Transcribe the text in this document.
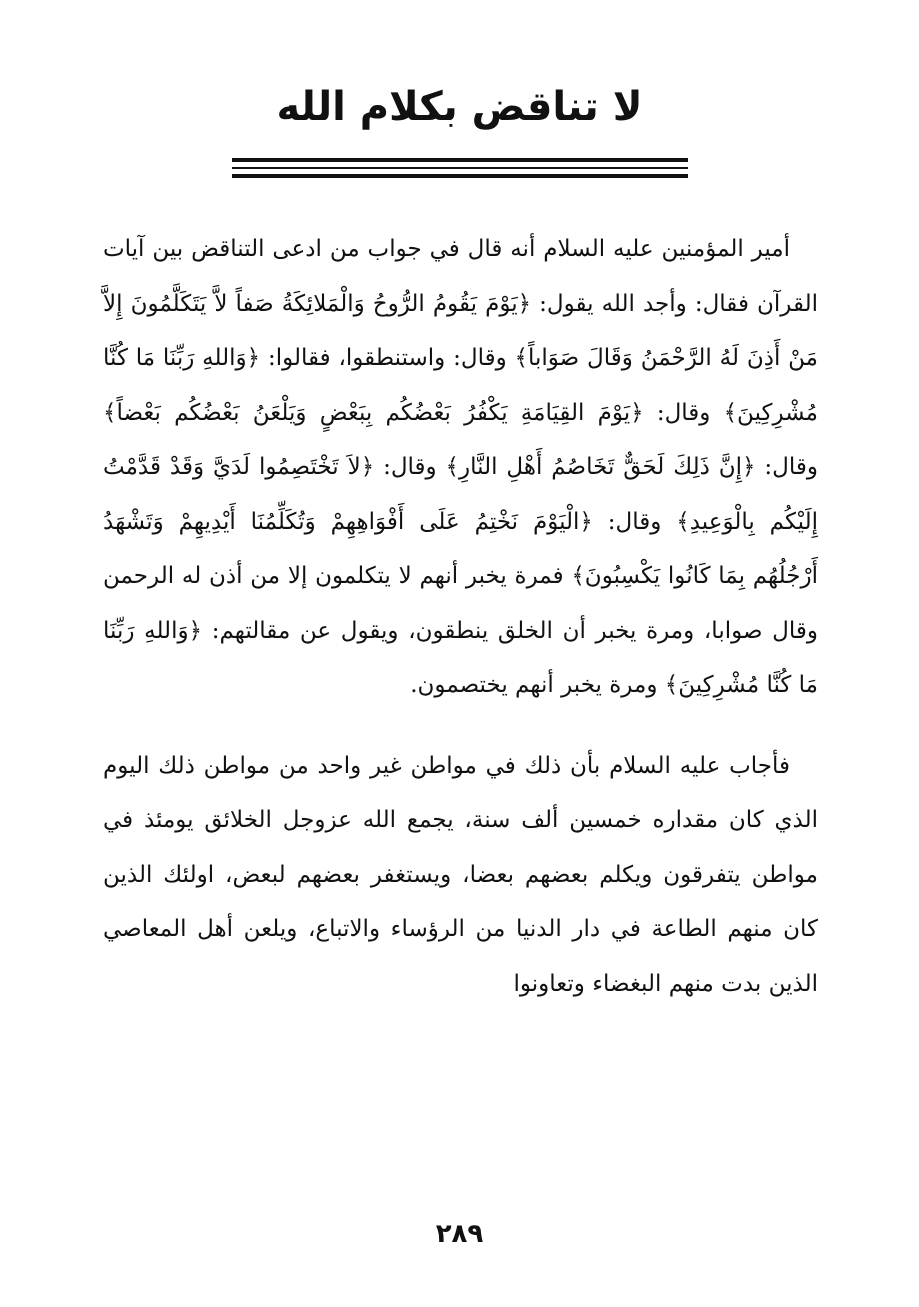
لا تناقض بكلام الله

أمير المؤمنين عليه السلام أنه قال في جواب من ادعى التناقض بين آيات القرآن فقال: وأجد الله يقول: ﴿يَوْمَ يَقُومُ الرُّوحُ وَالْمَلائِكَةُ صَفاً لاَّ يَتَكَلَّمُونَ إِلاَّ مَنْ أَذِنَ لَهُ الرَّحْمَنُ وَقَالَ صَوَاباً﴾ وقال: واستنطقوا، فقالوا: ﴿وَاللهِ رَبِّنَا مَا كُنَّا مُشْرِكِينَ﴾ وقال: ﴿يَوْمَ القِيَامَةِ يَكْفُرُ بَعْضُكُم بِبَعْضٍ وَيَلْعَنُ بَعْضُكُم بَعْضاً﴾ وقال: ﴿إِنَّ ذَلِكَ لَحَقٌّ تَخَاصُمُ أَهْلِ النَّارِ﴾ وقال: ﴿لاَ تَخْتَصِمُوا لَدَيَّ وَقَدْ قَدَّمْتُ إِلَيْكُم بِالْوَعِيدِ﴾ وقال: ﴿الْيَوْمَ نَخْتِمُ عَلَى أَفْوَاهِهِمْ وَتُكَلِّمُنَا أَيْدِيهِمْ وَتَشْهَدُ أَرْجُلُهُم بِمَا كَانُوا يَكْسِبُونَ﴾ فمرة يخبر أنهم لا يتكلمون إلا من أذن له الرحمن وقال صوابا، ومرة يخبر أن الخلق ينطقون، ويقول عن مقالتهم: ﴿وَاللهِ رَبِّنَا مَا كُنَّا مُشْرِكِينَ﴾ ومرة يخبر أنهم يختصمون.

فأجاب عليه السلام بأن ذلك في مواطن غير واحد من مواطن ذلك اليوم الذي كان مقداره خمسين ألف سنة، يجمع الله عزوجل الخلائق يومئذ في مواطن يتفرقون ويكلم بعضهم بعضا، ويستغفر بعضهم لبعض، اولئك الذين كان منهم الطاعة في دار الدنيا من الرؤساء والاتباع، ويلعن أهل المعاصي الذين بدت منهم البغضاء وتعاونوا

٢٨٩
